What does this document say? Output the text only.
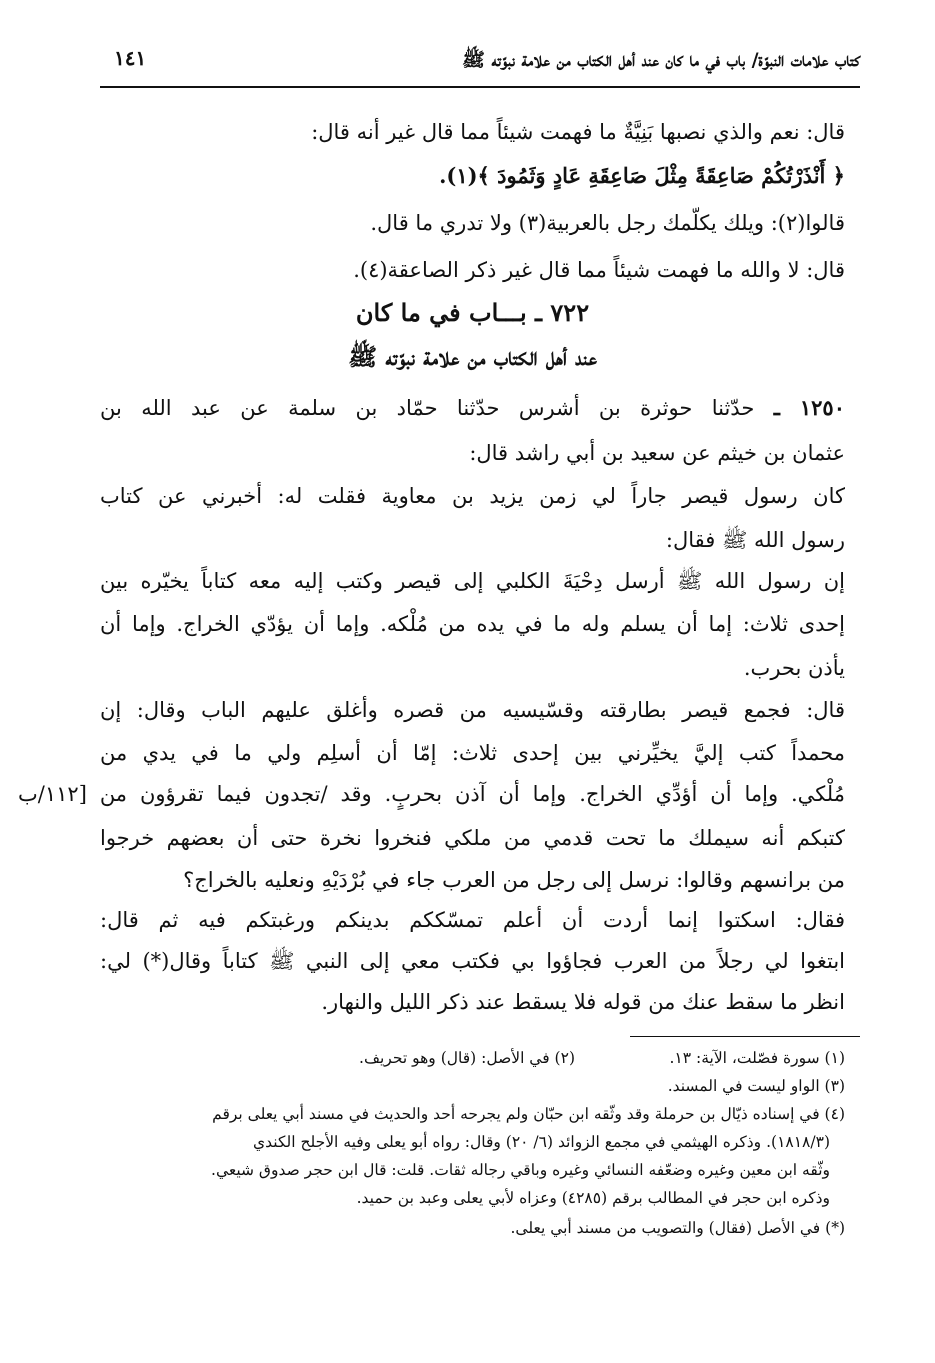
كتاب علامات النبوّة/ باب في ما كان عند أهل الكتاب من علامة نبوّته ﷺ
١٤١
قال: نعم والذي نصبها بَنِيَّةٌ ما فهمت شيئاً مما قال غير أنه قال:
﴿ أَنْذَرْتُكُمْ صَاعِقَةً مِثْلَ صَاعِقَةِ عَادٍ وَثَمُودَ ﴾(١).
قالوا(٢): ويلك يكلّمك رجل بالعربية(٣) ولا تدري ما قال.
قال: لا والله ما فهمت شيئاً مما قال غير ذكر الصاعقة(٤).
٧٢٢ ـ بـــاب في ما كان
عند أهل الكتاب من علامة نبوّته ﷺ
١٢٥٠ ـ حدّثنا حوثرة بن أشرس حدّثنا حمّاد بن سلمة عن عبد الله بن
عثمان بن خيثم عن سعيد بن أبي راشد قال:
كان رسول قيصر جاراً لي زمن يزيد بن معاوية فقلت له: أخبرني عن كتاب
رسول الله ﷺ فقال:
إن رسول الله ﷺ أرسل دِحْيَةَ الكلبي إلى قيصر وكتب إليه معه كتاباً يخيّره بين
إحدى ثلاث: إما أن يسلم وله ما في يده من مُلْكه. وإما أن يؤدّي الخراج. وإما أن
يأذن بحرب.
قال: فجمع قيصر بطارقته وقسّيسيه من قصره وأغلق عليهم الباب وقال: إن
محمداً كتب إليَّ يخيِّرني بين إحدى ثلاث: إمّا أن أسلِم ولي ما في يدي من
مُلْكي. وإما أن أؤدِّي الخراج. وإما أن آذن بحربٍ. وقد /تجدون فيما تقرؤون من [١١٢/ب
كتبكم أنه سيملك ما تحت قدمي من ملكي فنخروا نخرة حتى أن بعضهم خرجوا
من برانسهم وقالوا: نرسل إلى رجل من العرب جاء في بُرْدَيْهِ ونعليه بالخراج؟
فقال: اسكتوا إنما أردت أن أعلم تمسّككم بدينكم ورغبتكم فيه ثم قال:
ابتغوا لي رجلاً من العرب فجاؤوا بي فكتب معي إلى النبي ﷺ كتاباً وقال(*) لي:
انظر ما سقط عنك من قوله فلا يسقط عند ذكر الليل والنهار.
(١) سورة فصّلت، الآية: ١٣.
(٢) في الأصل: (قال) وهو تحريف.
(٣) الواو ليست في المسند.
(٤) في إسناده ذيّال بن حرملة وقد وثّقه ابن حبّان ولم يجرحه أحد والحديث في مسند أبي يعلى برقم
(١٨١٨/٣). وذكره الهيثمي في مجمع الزوائد (٦/ ٢٠) وقال: رواه أبو يعلى وفيه الأجلح الكندي
وثّقه ابن معين وغيره وضعّفه النسائي وغيره وباقي رجاله ثقات. قلت: قال ابن حجر صدوق شيعي.
وذكره ابن حجر في المطالب برقم (٤٢٨٥) وعزاه لأبي يعلى وعبد بن حميد.
(*) في الأصل (فقال) والتصويب من مسند أبي يعلى.
